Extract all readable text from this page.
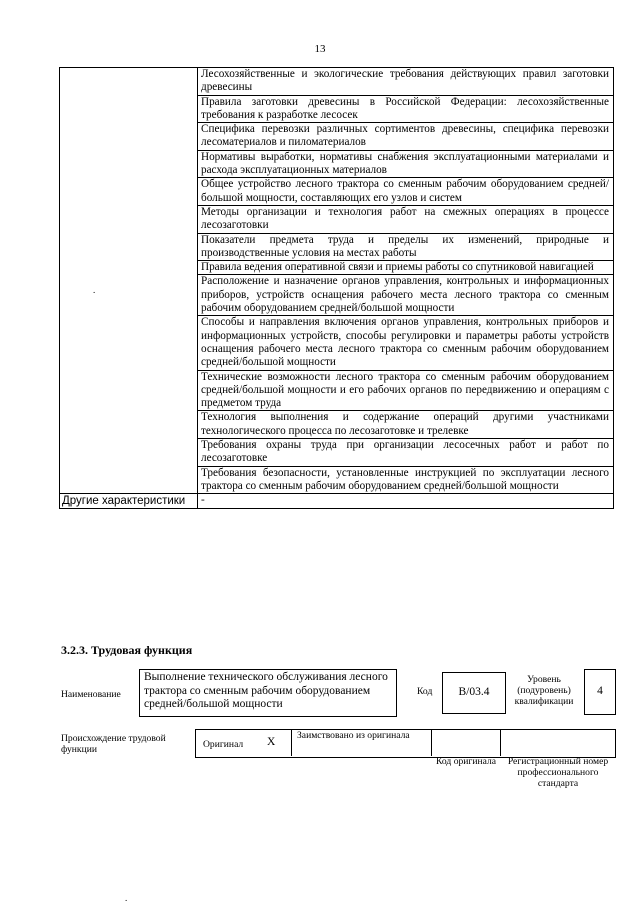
13
	Лесохозяйственные и экологические требования действующих правил заготовки древесины
	Правила заготовки древесины в Российской Федерации: лесохозяйственные требования к разработке лесосек
	Специфика перевозки различных сортиментов древесины, специфика перевозки лесоматериалов и пиломатериалов
	Нормативы выработки, нормативы снабжения эксплуатационными материалами и расхода эксплуатационных материалов
	Общее устройство лесного трактора со сменным рабочим оборудованием средней/большой мощности, составляющих его узлов и систем
	Методы организации и технология работ на смежных операциях в процессе лесозаготовки
	Показатели предмета труда и пределы их изменений, природные и производственные условия на местах работы
	Правила ведения оперативной связи и приемы работы со спутниковой навигацией
	Расположение и назначение органов управления, контрольных и информационных приборов, устройств оснащения рабочего места лесного трактора со сменным рабочим оборудованием средней/большой мощности
	Способы и направления включения органов управления, контрольных приборов и информационных устройств, способы регулировки и параметры работы устройств оснащения рабочего места лесного трактора со сменным рабочим оборудованием средней/большой мощности
	Технические возможности лесного трактора со сменным рабочим оборудованием средней/большой мощности и его рабочих органов по передвижению и операциям с предметом труда
	Технология выполнения и содержание операций другими участниками технологического процесса по лесозаготовке и трелевке
	Требования охраны труда при организации лесосечных работ и работ по лесозаготовке
	Требования безопасности, установленные инструкцией по эксплуатации лесного трактора со сменным рабочим оборудованием средней/большой мощности
Другие характеристики	-
.
3.2.3. Трудовая функция
Наименование
Выполнение технического обслуживания лесного трактора со сменным рабочим оборудованием средней/большой мощности
Код B/03.4
Уровень (подуровень) квалификации
4
Происхождение трудовой функции	Оригинал X
Заимствовано из оригинала
Код оригинала	Регистрационный номер профессионального стандарта
.
